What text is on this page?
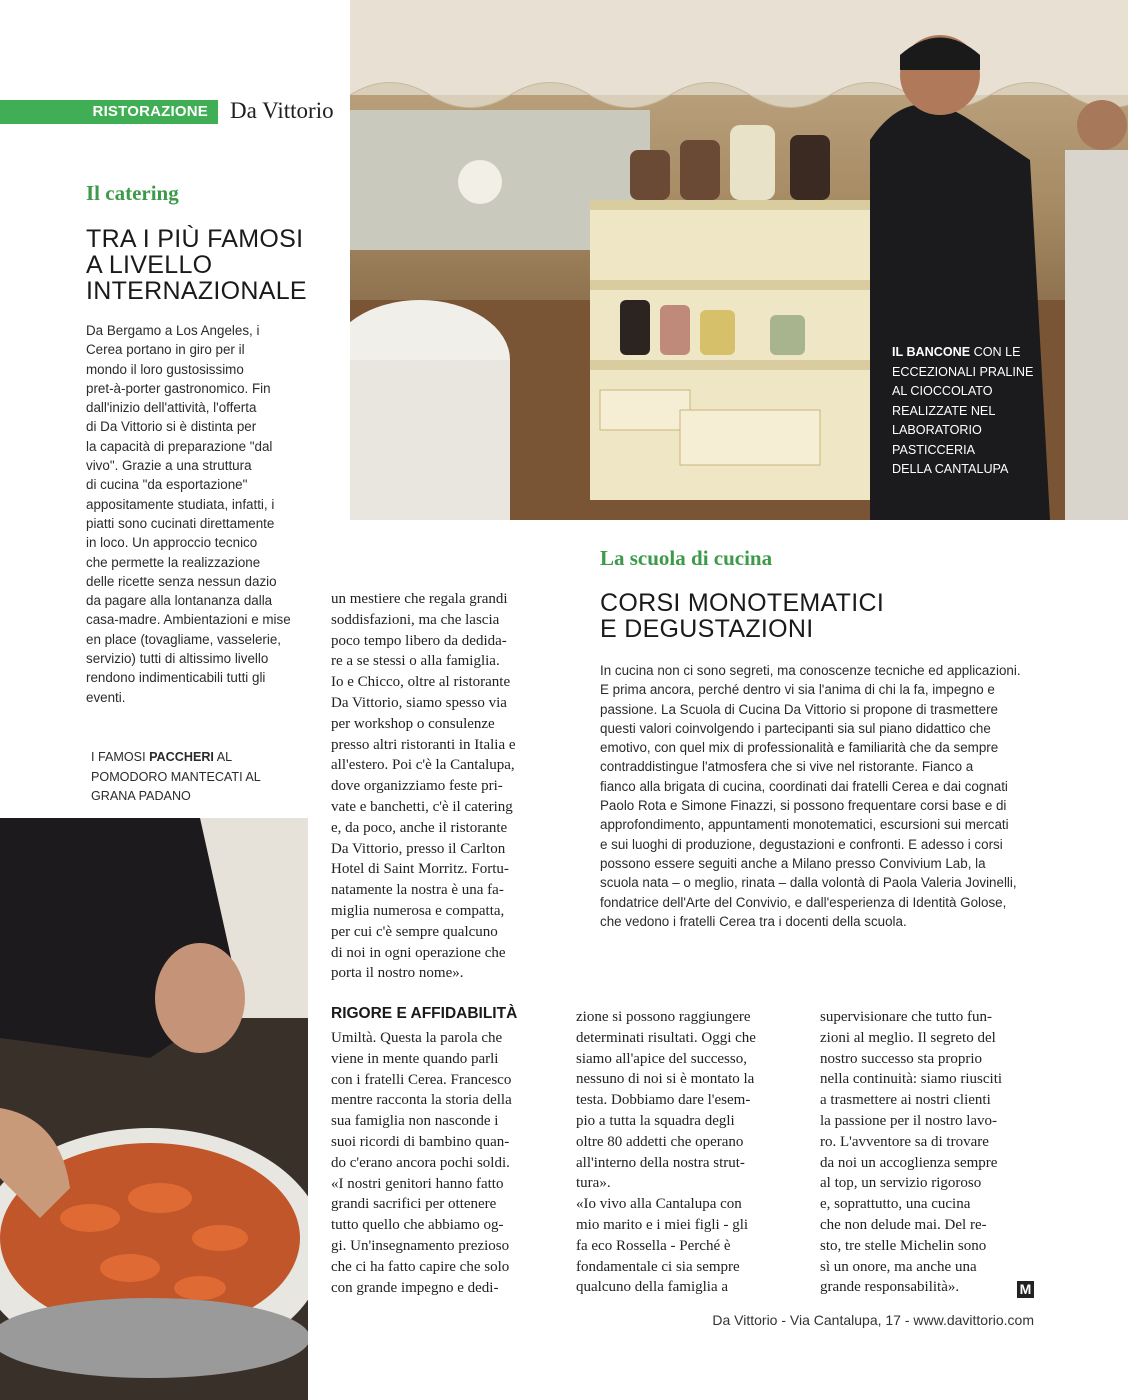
RISTORAZIONE Da Vittorio
Il catering
TRA I PIÙ FAMOSI
A LIVELLO
INTERNAZIONALE

Da Bergamo a Los Angeles, i

Cerea portano in giro per il

mondo il loro gustosissimo

pret-à-porter gastronomico. Fin

dall'inizio dell'attività, l'offerta

di Da Vittorio si è distinta per

la capacità di preparazione "dal

vivo". Grazie a una struttura

di cucina "da esportazione"

appositamente studiata, infatti, i

piatti sono cucinati direttamente

in loco. Un approccio tecnico

che permette la realizzazione

delle ricette senza nessun dazio

da pagare alla lontananza dalla

casa-madre. Ambientazioni e mise

en place (tovagliame, vasselerie,

servizio) tutti di altissimo livello

rendono indimenticabili tutti gli

eventi.

I FAMOSI PACCHERI AL
POMODORO MANTECATI AL
GRANA PADANO
IL BANCONE CON LE
ECCEZIONALI PRALINE
AL CIOCCOLATO
REALIZZATE NEL
LABORATORIO
PASTICCERIA
DELLA CANTALUPA
La scuola di cucina
CORSI MONOTEMATICI
E DEGUSTAZIONI

In cucina non ci sono segreti, ma conoscenze tecniche ed applicazioni.

E prima ancora, perché dentro vi sia l'anima di chi la fa, impegno e

passione. La Scuola di Cucina Da Vittorio si propone di trasmettere

questi valori coinvolgendo i partecipanti sia sul piano didattico che

emotivo, con quel mix di professionalità e familiarità che da sempre

contraddistingue l'atmosfera che si vive nel ristorante. Fianco a

fianco alla brigata di cucina, coordinati dai fratelli Cerea e dai cognati

Paolo Rota e Simone Finazzi, si possono frequentare corsi base e di

approfondimento, appuntamenti monotematici, escursioni sui mercati

e sui luoghi di produzione, degustazioni e confronti. E adesso i corsi

possono essere seguiti anche a Milano presso Convivium Lab, la

scuola nata – o meglio, rinata – dalla volontà di Paola Valeria Jovinelli,

fondatrice dell'Arte del Convivio, e dall'esperienza di Identità Golose,

che vedono i fratelli Cerea tra i docenti della scuola.

un mestiere che regala grandi

soddisfazioni, ma che lascia

poco tempo libero da dedida-

re a se stessi o alla famiglia.

Io e Chicco, oltre al ristorante

Da Vittorio, siamo spesso via

per workshop o consulenze

presso altri ristoranti in Italia e

all'estero. Poi c'è la Cantalupa,

dove organizziamo feste pri-

vate e banchetti, c'è il catering

e, da poco, anche il ristorante

Da Vittorio, presso il Carlton

Hotel di Saint Morritz. Fortu-

natamente la nostra è una fa-

miglia numerosa e compatta,

per cui c'è sempre qualcuno

di noi in ogni operazione che

porta il nostro nome».

RIGORE E AFFIDABILITÀ

Umiltà. Questa la parola che

viene in mente quando parli

con i fratelli Cerea. Francesco

mentre racconta la storia della

sua famiglia non nasconde i

suoi ricordi di bambino quan-

do c'erano ancora pochi soldi.

«I nostri genitori hanno fatto

grandi sacrifici per ottenere

tutto quello che abbiamo og-

gi. Un'insegnamento prezioso

che ci ha fatto capire che solo

con grande impegno e dedi-

zione si possono raggiungere

determinati risultati. Oggi che

siamo all'apice del successo,

nessuno di noi si è montato la

testa. Dobbiamo dare l'esem-

pio a tutta la squadra degli

oltre 80 addetti che operano

all'interno della nostra strut-

tura».

«Io vivo alla Cantalupa con

mio marito e i miei figli - gli

fa eco Rossella - Perché è

fondamentale ci sia sempre

qualcuno della famiglia a

supervisionare che tutto fun-

zioni al meglio. Il segreto del

nostro successo sta proprio

nella continuità: siamo riusciti

a trasmettere ai nostri clienti

la passione per il nostro lavo-

ro. L'avventore sa di trovare

da noi un accoglienza sempre

al top, un servizio rigoroso

e, soprattutto, una cucina

che non delude mai. Del re-

sto, tre stelle Michelin sono

sì un onore, ma anche una

grande responsabilità».	M
Da Vittorio - Via Cantalupa, 17 - www.davittorio.com
